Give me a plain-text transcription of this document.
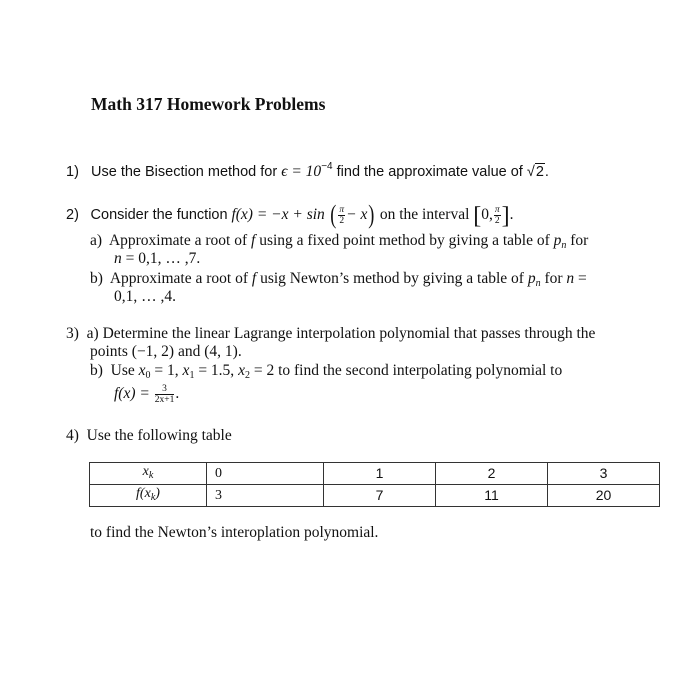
Math 317 Homework Problems
1) Use the Bisection method for $\epsilon = 10^{-4}$ find the approximate value of √2.
2) Consider the function f(x) = −x + sin ( $\frac{\pi}{2} - x$) on the interval [0, $\frac{\pi}{2}$ ].
a) Approximate a root of f using a fixed point method by giving a table of $p_n$ for
n = 0,1, … ,7.
b) Approximate a root of f usig Newton’s method by giving a table of $p_n$ for n =
0,1, … ,4.
3) a) Determine the linear Lagrange interpolation polynomial that passes through the
points (−1, 2) and (4, 1).
b) Use $x_0 = 1$, $x_1 = 1.5$, $x_2 = 2$ to find the second interpolating polynomial to
$f(x) = \frac{3}{2x+1}$ .
4) Use the following table
$x_k$	0	1	2	3
$f(x_k)$	3	7	11	20
to find the Newton’s interoplation polynomial.
